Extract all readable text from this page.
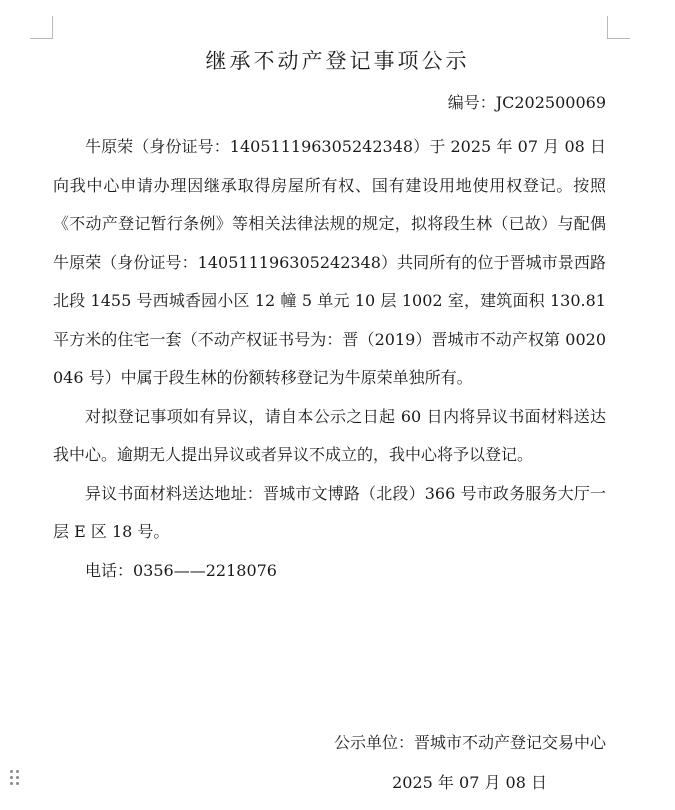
继承不动产登记事项公示
编号：JC202500069

牛原荣（身份证号：140511196305242348）于 2025 年 07 月 08 日向我中心申请办理因继承取得房屋所有权、国有建设用地使用权登记。按照《不动产登记暂行条例》等相关法律法规的规定，拟将段生林（已故）与配偶牛原荣（身份证号：140511196305242348）共同所有的位于晋城市景西路北段 1455 号西城香园小区 12 幢 5 单元 10 层 1002 室，建筑面积 130.81 平方米的住宅一套（不动产权证书号为：晋（2019）晋城市不动产权第 0020046 号）中属于段生林的份额转移登记为牛原荣单独所有。

对拟登记事项如有异议，请自本公示之日起 60 日内将异议书面材料送达我中心。逾期无人提出异议或者异议不成立的，我中心将予以登记。

异议书面材料送达地址：晋城市文博路（北段）366 号市政务服务大厅一层 E 区 18 号。

电话：0356——2218076

公示单位：晋城市不动产登记交易中心
2025 年 07 月 08 日
